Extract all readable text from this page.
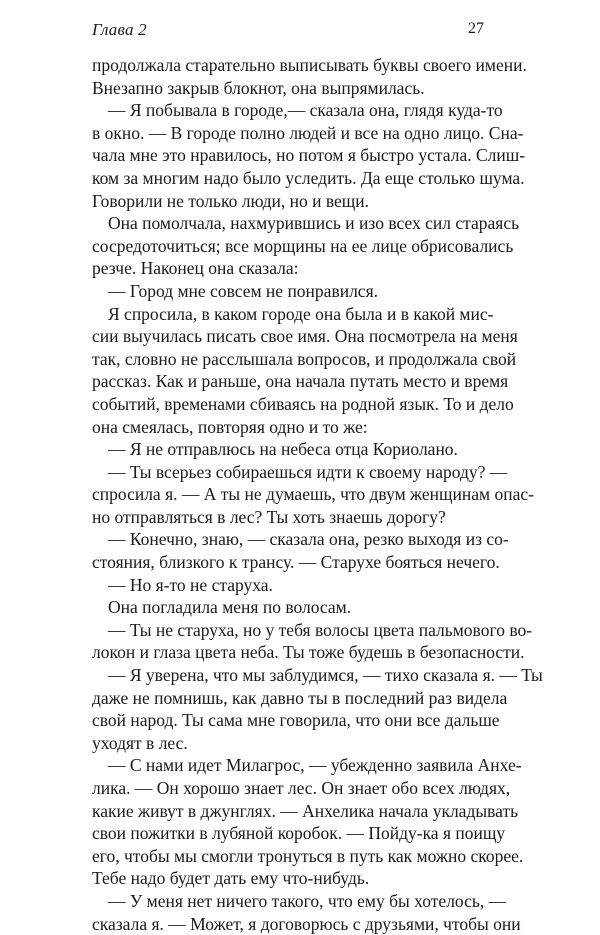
Глава 2	27
продолжала старательно выписывать буквы своего имени.
Внезапно закрыв блокнот, она выпрямилась.
— Я побывала в городе,— сказала она, глядя куда-то
в окно. — В городе полно людей и все на одно лицо. Сна-
чала мне это нравилось, но потом я быстро устала. Слиш-
ком за многим надо было уследить. Да еще столько шума.
Говорили не только люди, но и вещи.
Она помолчала, нахмурившись и изо всех сил стараясь
сосредоточиться; все морщины на ее лице обрисовались
резче. Наконец она сказала:
— Город мне совсем не понравился.
Я спросила, в каком городе она была и в какой мис-
сии выучилась писать свое имя. Она посмотрела на меня
так, словно не расслышала вопросов, и продолжала свой
рассказ. Как и раньше, она начала путать место и время
событий, временами сбиваясь на родной язык. То и дело
она смеялась, повторяя одно и то же:
— Я не отправлюсь на небеса отца Кориолано.
— Ты всерьез собираешься идти к своему народу? —
спросила я. — А ты не думаешь, что двум женщинам опас-
но отправляться в лес? Ты хоть знаешь дорогу?
— Конечно, знаю, — сказала она, резко выходя из со-
стояния, близкого к трансу. — Старухе бояться нечего.
— Но я-то не старуха.
Она погладила меня по волосам.
— Ты не старуха, но у тебя волосы цвета пальмового во-
локон и глаза цвета неба. Ты тоже будешь в безопасности.
— Я уверена, что мы заблудимся, — тихо сказала я. — Ты
даже не помнишь, как давно ты в последний раз видела
свой народ. Ты сама мне говорила, что они все дальше
уходят в лес.
— С нами идет Милагрос, — убежденно заявила Анхе-
лика. — Он хорошо знает лес. Он знает обо всех людях,
какие живут в джунглях. — Анхелика начала укладывать
свои пожитки в лубяной коробок. — Пойду-ка я поищу
его, чтобы мы смогли тронуться в путь как можно скорее.
Тебе надо будет дать ему что-нибудь.
— У меня нет ничего такого, что ему бы хотелось, —
сказала я. — Может, я договорюсь с друзьями, чтобы они
